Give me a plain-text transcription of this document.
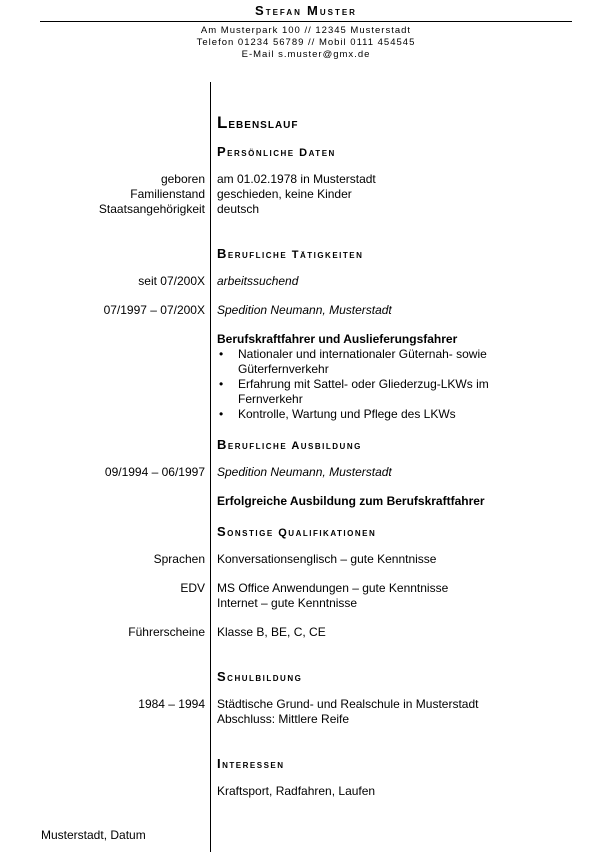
Stefan Muster
Am Musterpark 100 // 12345 Musterstadt
Telefon 01234 56789 // Mobil 0111 454545
E-Mail s.muster@gmx.de
Lebenslauf
Persönliche Daten
geboren am 01.02.1978 in Musterstadt
Familienstand geschieden, keine Kinder
Staatsangehörigkeit deutsch
Berufliche Tätigkeiten
seit 07/200X arbeitssuchend
07/1997 – 07/200X Spedition Neumann, Musterstadt
Berufskraftfahrer und Auslieferungsfahrer
• Nationaler und internationaler Güternah- sowie Güterfernverkehr
• Erfahrung mit Sattel- oder Gliederzug-LKWs im Fernverkehr
• Kontrolle, Wartung und Pflege des LKWs
Berufliche Ausbildung
09/1994 – 06/1997 Spedition Neumann, Musterstadt
Erfolgreiche Ausbildung zum Berufskraftfahrer
Sonstige Qualifikationen
Sprachen Konversationsenglisch – gute Kenntnisse
EDV MS Office Anwendungen – gute Kenntnisse
Internet – gute Kenntnisse
Führerscheine Klasse B, BE, C, CE
Schulbildung
1984 – 1994 Städtische Grund- und Realschule in Musterstadt
Abschluss: Mittlere Reife
Interessen
Kraftsport, Radfahren, Laufen
Musterstadt, Datum
